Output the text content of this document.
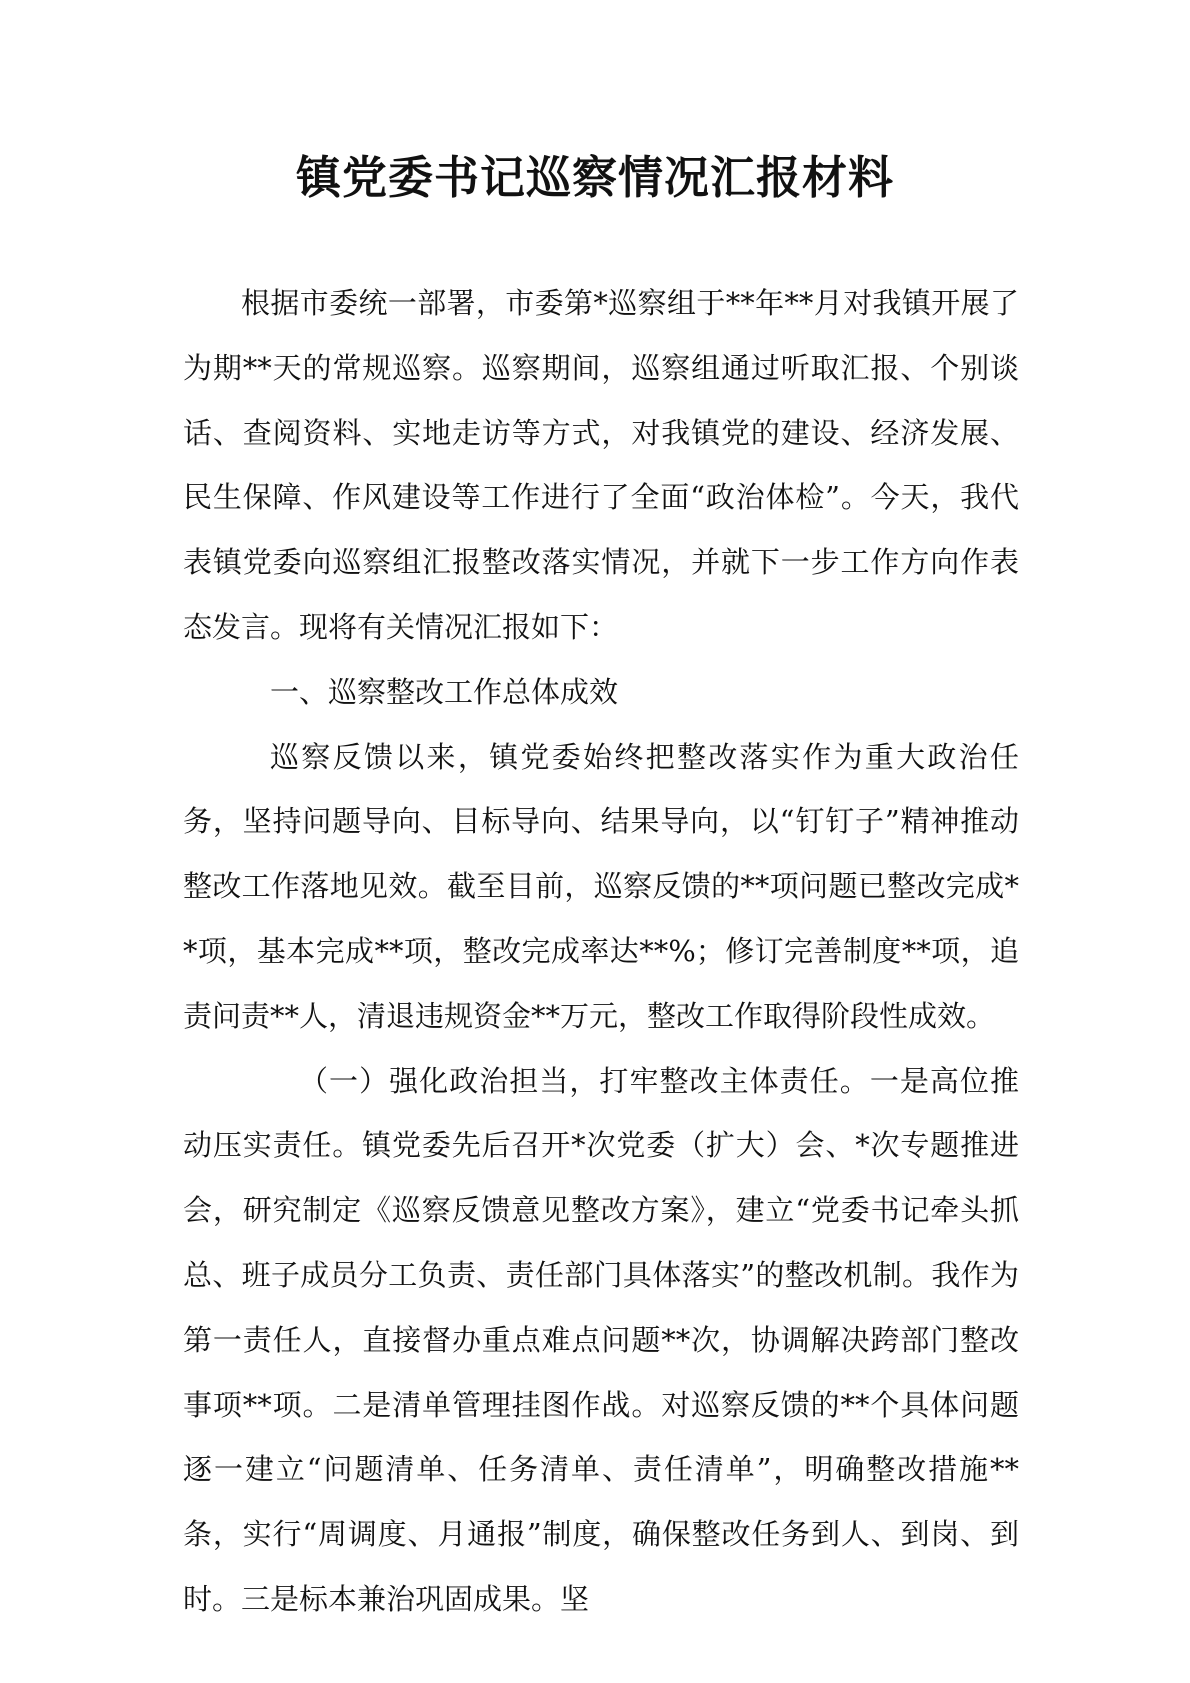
镇党委书记巡察情况汇报材料

根据市委统一部署，市委第*巡察组于**年**月对我镇开展了为期**天的常规巡察。巡察期间，巡察组通过听取汇报、个别谈话、查阅资料、实地走访等方式，对我镇党的建设、经济发展、民生保障、作风建设等工作进行了全面“政治体检”。今天，我代表镇党委向巡察组汇报整改落实情况，并就下一步工作方向作表态发言。现将有关情况汇报如下：

一、巡察整改工作总体成效

巡察反馈以来，镇党委始终把整改落实作为重大政治任务，坚持问题导向、目标导向、结果导向，以“钉钉子”精神推动整改工作落地见效。截至目前，巡察反馈的**项问题已整改完成**项，基本完成**项，整改完成率达**%；修订完善制度**项，追责问责**人，清退违规资金**万元，整改工作取得阶段性成效。

（一）强化政治担当，打牢整改主体责任。一是高位推动压实责任。镇党委先后召开*次党委（扩大）会、*次专题推进会，研究制定《巡察反馈意见整改方案》，建立“党委书记牵头抓总、班子成员分工负责、责任部门具体落实”的整改机制。我作为第一责任人，直接督办重点难点问题**次，协调解决跨部门整改事项**项。二是清单管理挂图作战。对巡察反馈的**个具体问题逐一建立“问题清单、任务清单、责任清单”，明确整改措施**条，实行“周调度、月通报”制度，确保整改任务到人、到岗、到时。三是标本兼治巩固成果。坚
